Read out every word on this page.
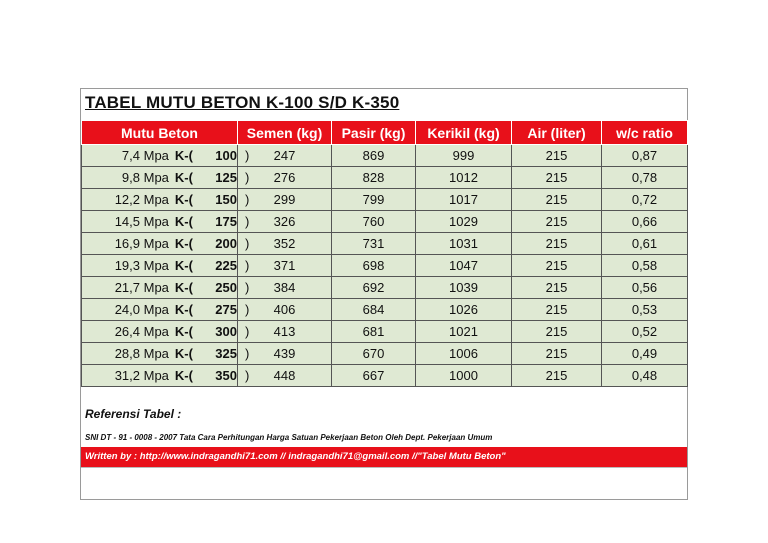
TABEL MUTU BETON K-100 S/D K-350
Mutu Beton	Semen (kg)	Pasir (kg)	Kerikil (kg)	Air (liter)	w/c ratio
7,4 Mpa K-( 100 )	247	869	999	215	0,87
9,8 Mpa K-( 125 )	276	828	1012	215	0,78
12,2 Mpa K-( 150 )	299	799	1017	215	0,72
14,5 Mpa K-( 175 )	326	760	1029	215	0,66
16,9 Mpa K-( 200 )	352	731	1031	215	0,61
19,3 Mpa K-( 225 )	371	698	1047	215	0,58
21,7 Mpa K-( 250 )	384	692	1039	215	0,56
24,0 Mpa K-( 275 )	406	684	1026	215	0,53
26,4 Mpa K-( 300 )	413	681	1021	215	0,52
28,8 Mpa K-( 325 )	439	670	1006	215	0,49
31,2 Mpa K-( 350 )	448	667	1000	215	0,48
Referensi Tabel :
SNI DT - 91 - 0008 - 2007 Tata Cara Perhitungan Harga Satuan Pekerjaan Beton Oleh Dept. Pekerjaan Umum
Written by : http://www.indragandhi71.com // indragandhi71@gmail.com //"Tabel Mutu Beton"
